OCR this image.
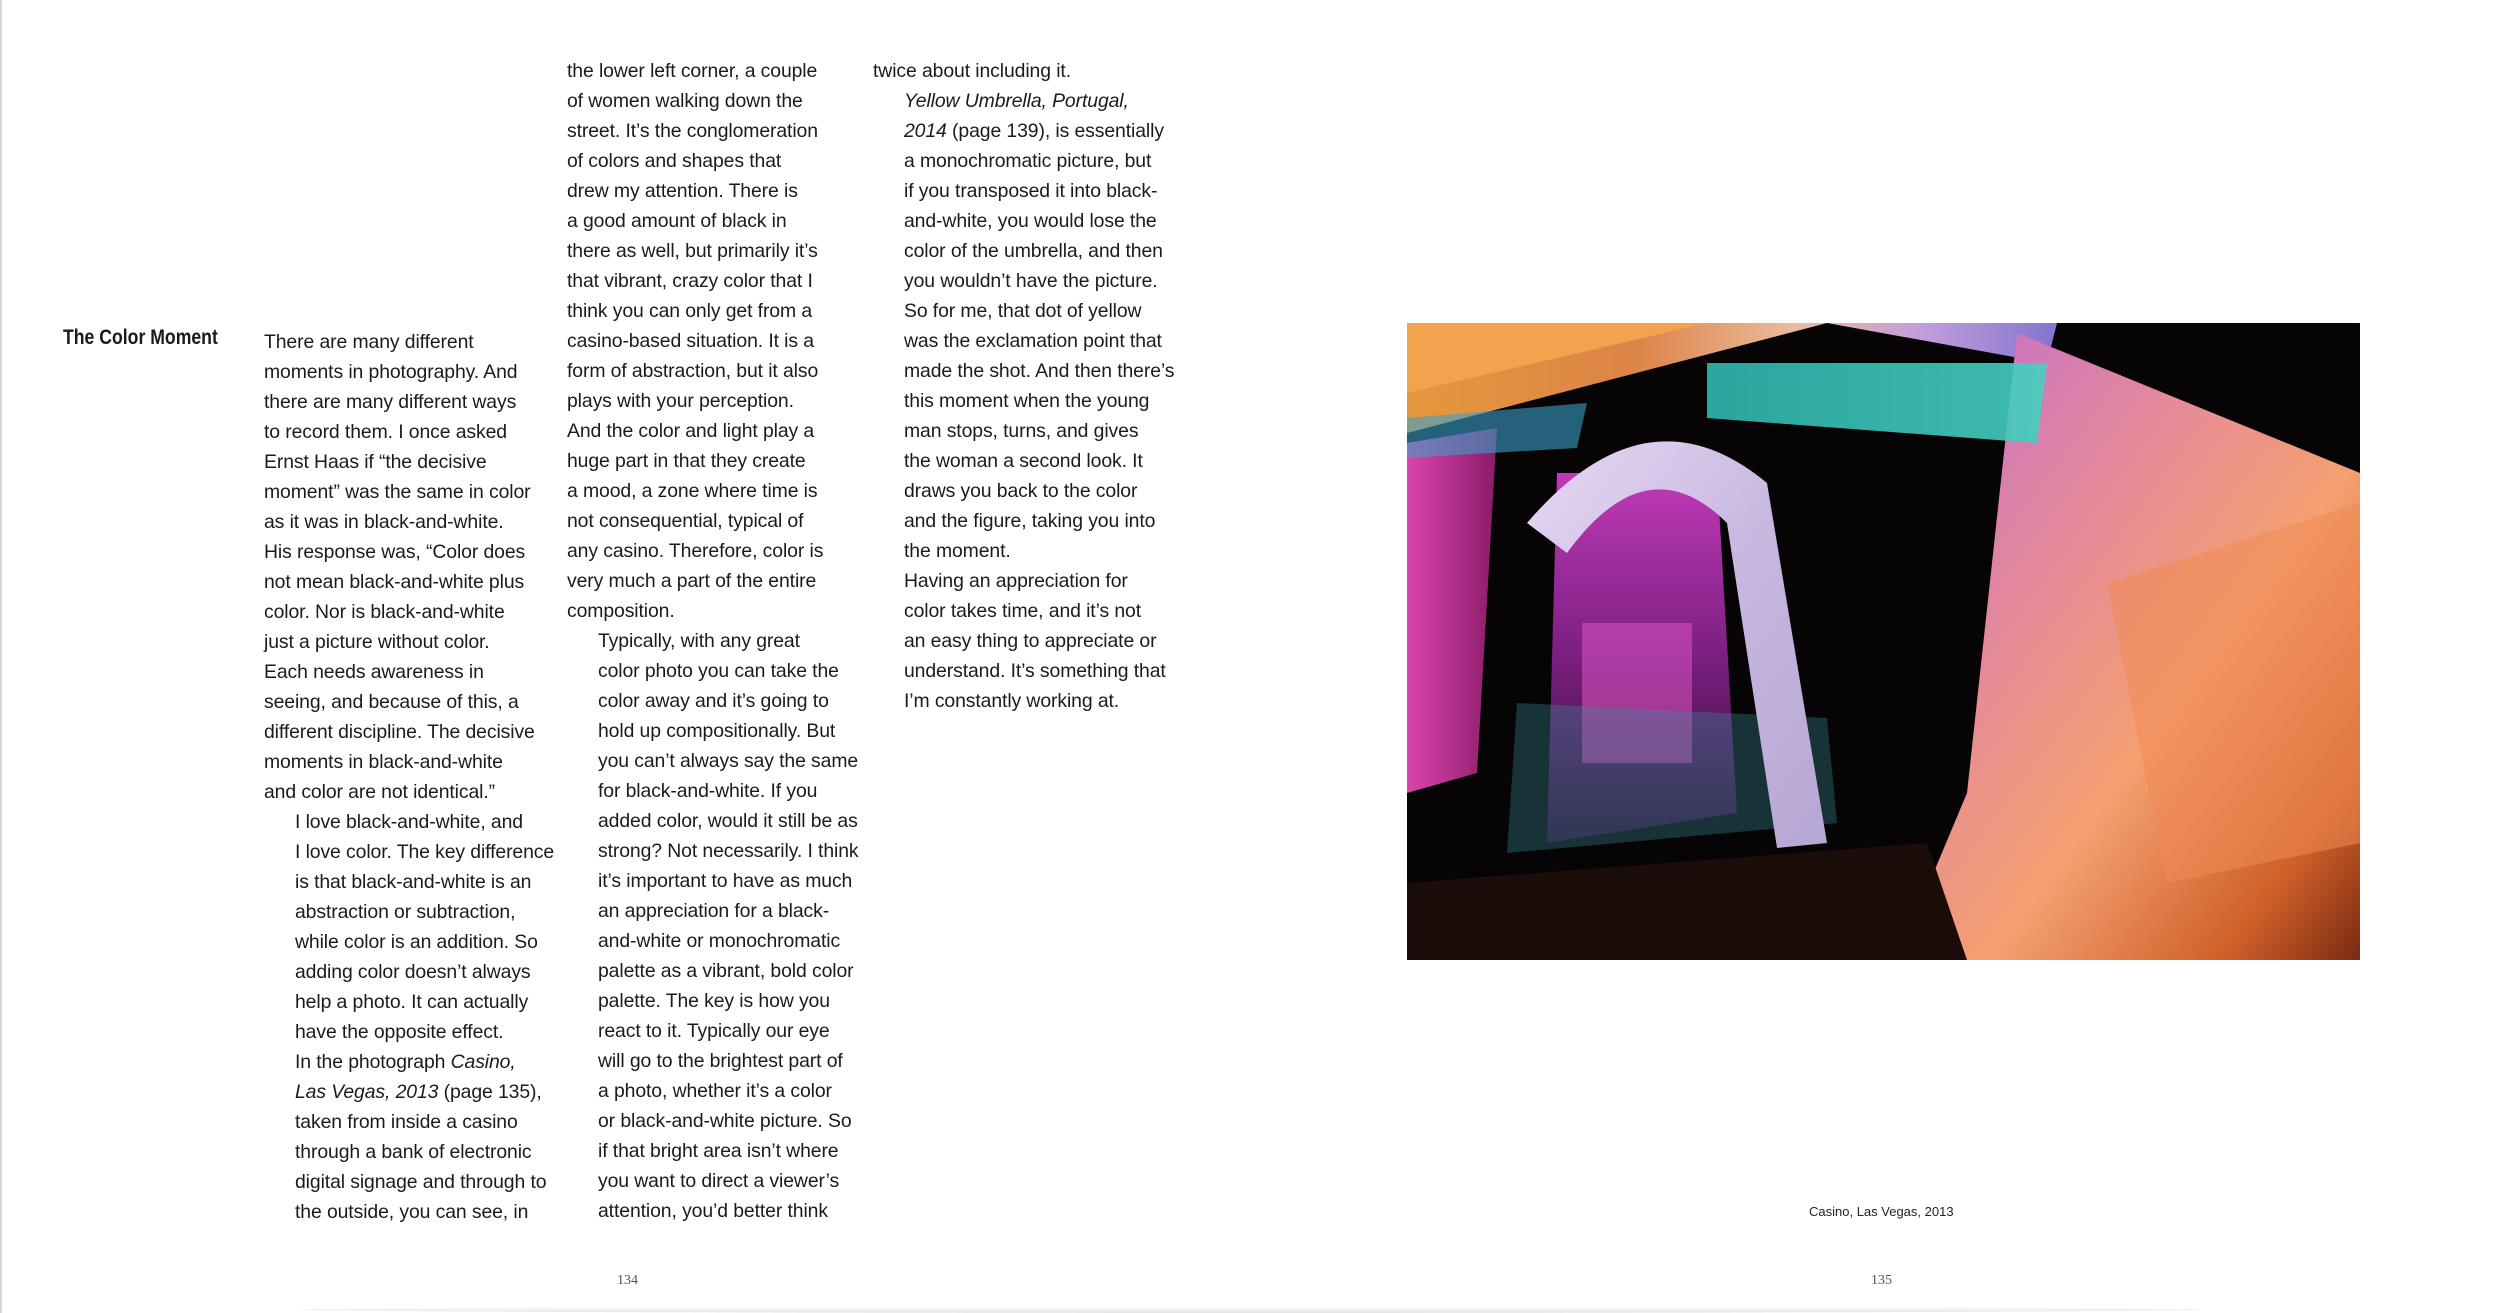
The Color Moment There are many different
moments in photography. And
there are many different ways
to record them. I once asked
Ernst Haas if “the decisive
moment” was the same in color
as it was in black-and-white.
His response was, “Color does
not mean black-and-white plus
color. Nor is black-and-white
just a picture without color.
Each needs awareness in
seeing, and because of this, a
different discipline. The decisive
moments in black-and-white
and color are not identical.”

I love black-and-white, and
I love color. The key difference
is that black-and-white is an
abstraction or subtraction,
while color is an addition. So
adding color doesn’t always
help a photo. It can actually
have the opposite effect.

In the photograph Casino,
Las Vegas, 2013 (page 135),
taken from inside a casino
through a bank of electronic
digital signage and through to
the outside, you can see, in

the lower left corner, a couple
of women walking down the
street. It’s the conglomeration
of colors and shapes that
drew my attention. There is
a good amount of black in
there as well, but primarily it’s
that vibrant, crazy color that I
think you can only get from a
casino-based situation. It is a
form of abstraction, but it also
plays with your perception.
And the color and light play a
huge part in that they create
a mood, a zone where time is
not consequential, typical of
any casino. Therefore, color is
very much a part of the entire
composition.

Typically, with any great
color photo you can take the
color away and it’s going to
hold up compositionally. But
you can’t always say the same
for black-and-white. If you
added color, would it still be as
strong? Not necessarily. I think
it’s important to have as much
an appreciation for a black-
and-white or monochromatic
palette as a vibrant, bold color
palette. The key is how you
react to it. Typically our eye
will go to the brightest part of
a photo, whether it’s a color
or black-and-white picture. So
if that bright area isn’t where
you want to direct a viewer’s
attention, you’d better think

twice about including it.

Yellow Umbrella, Portugal,
2014 (page 139), is essentially
a monochromatic picture, but
if you transposed it into black-
and-white, you would lose the
color of the umbrella, and then
you wouldn’t have the picture.
So for me, that dot of yellow
was the exclamation point that
made the shot. And then there’s
this moment when the young
man stops, turns, and gives
the woman a second look. It
draws you back to the color
and the figure, taking you into
the moment.

Having an appreciation for
color takes time, and it’s not
an easy thing to appreciate or
understand. It’s something that
I’m constantly working at.

134	135
Casino, Las Vegas, 2013
